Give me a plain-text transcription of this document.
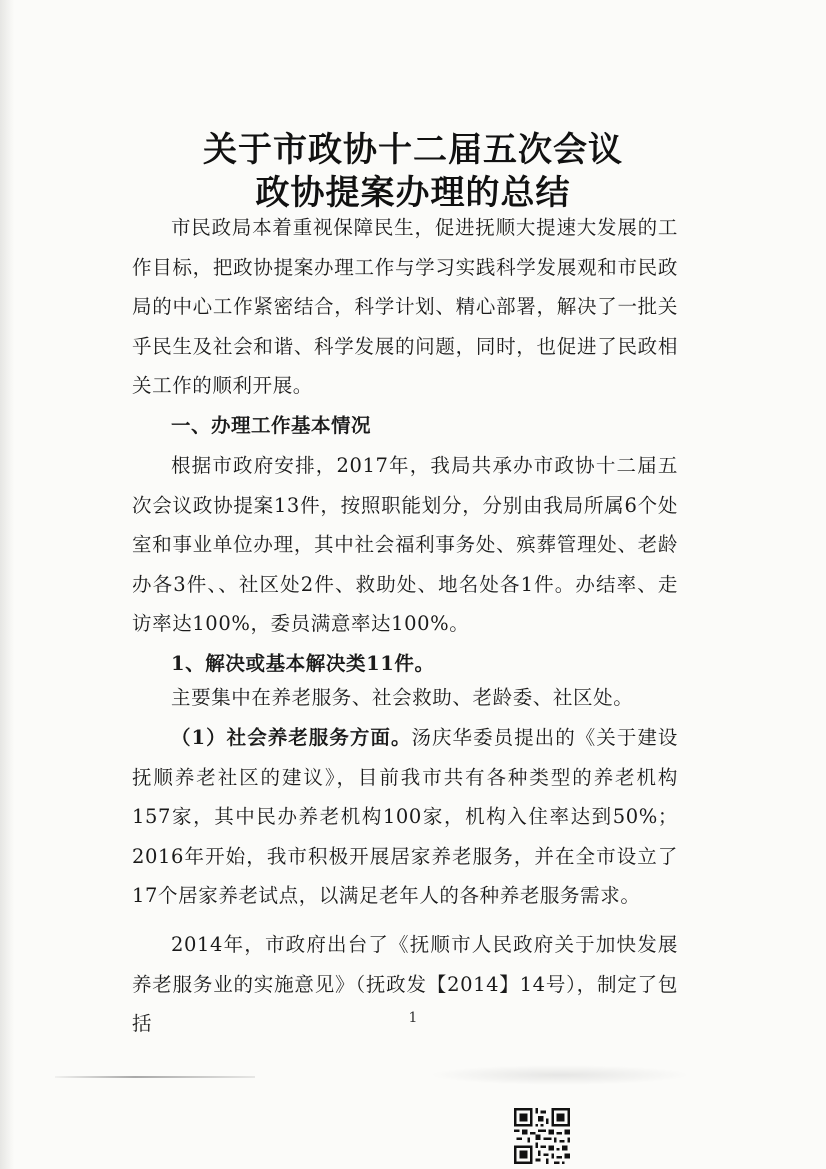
关于市政协十二届五次会议
政协提案办理的总结

市民政局本着重视保障民生，促进抚顺大提速大发展的工作目标，把政协提案办理工作与学习实践科学发展观和市民政局的中心工作紧密结合，科学计划、精心部署，解决了一批关乎民生及社会和谐、科学发展的问题，同时，也促进了民政相关工作的顺利开展。

一、办理工作基本情况

根据市政府安排，2017年，我局共承办市政协十二届五次会议政协提案13件，按照职能划分，分别由我局所属6个处室和事业单位办理，其中社会福利事务处、殡葬管理处、老龄办各3件、、社区处2件、救助处、地名处各1件。办结率、走访率达100%，委员满意率达100%。

1、解决或基本解决类11件。

主要集中在养老服务、社会救助、老龄委、社区处。

（1）社会养老服务方面。汤庆华委员提出的《关于建设抚顺养老社区的建议》，目前我市共有各种类型的养老机构157家，其中民办养老机构100家，机构入住率达到50%；2016年开始，我市积极开展居家养老服务，并在全市设立了17个居家养老试点，以满足老年人的各种养老服务需求。

2014年，市政府出台了《抚顺市人民政府关于加快发展养老服务业的实施意见》（抚政发【2014】14号），制定了包括	1
